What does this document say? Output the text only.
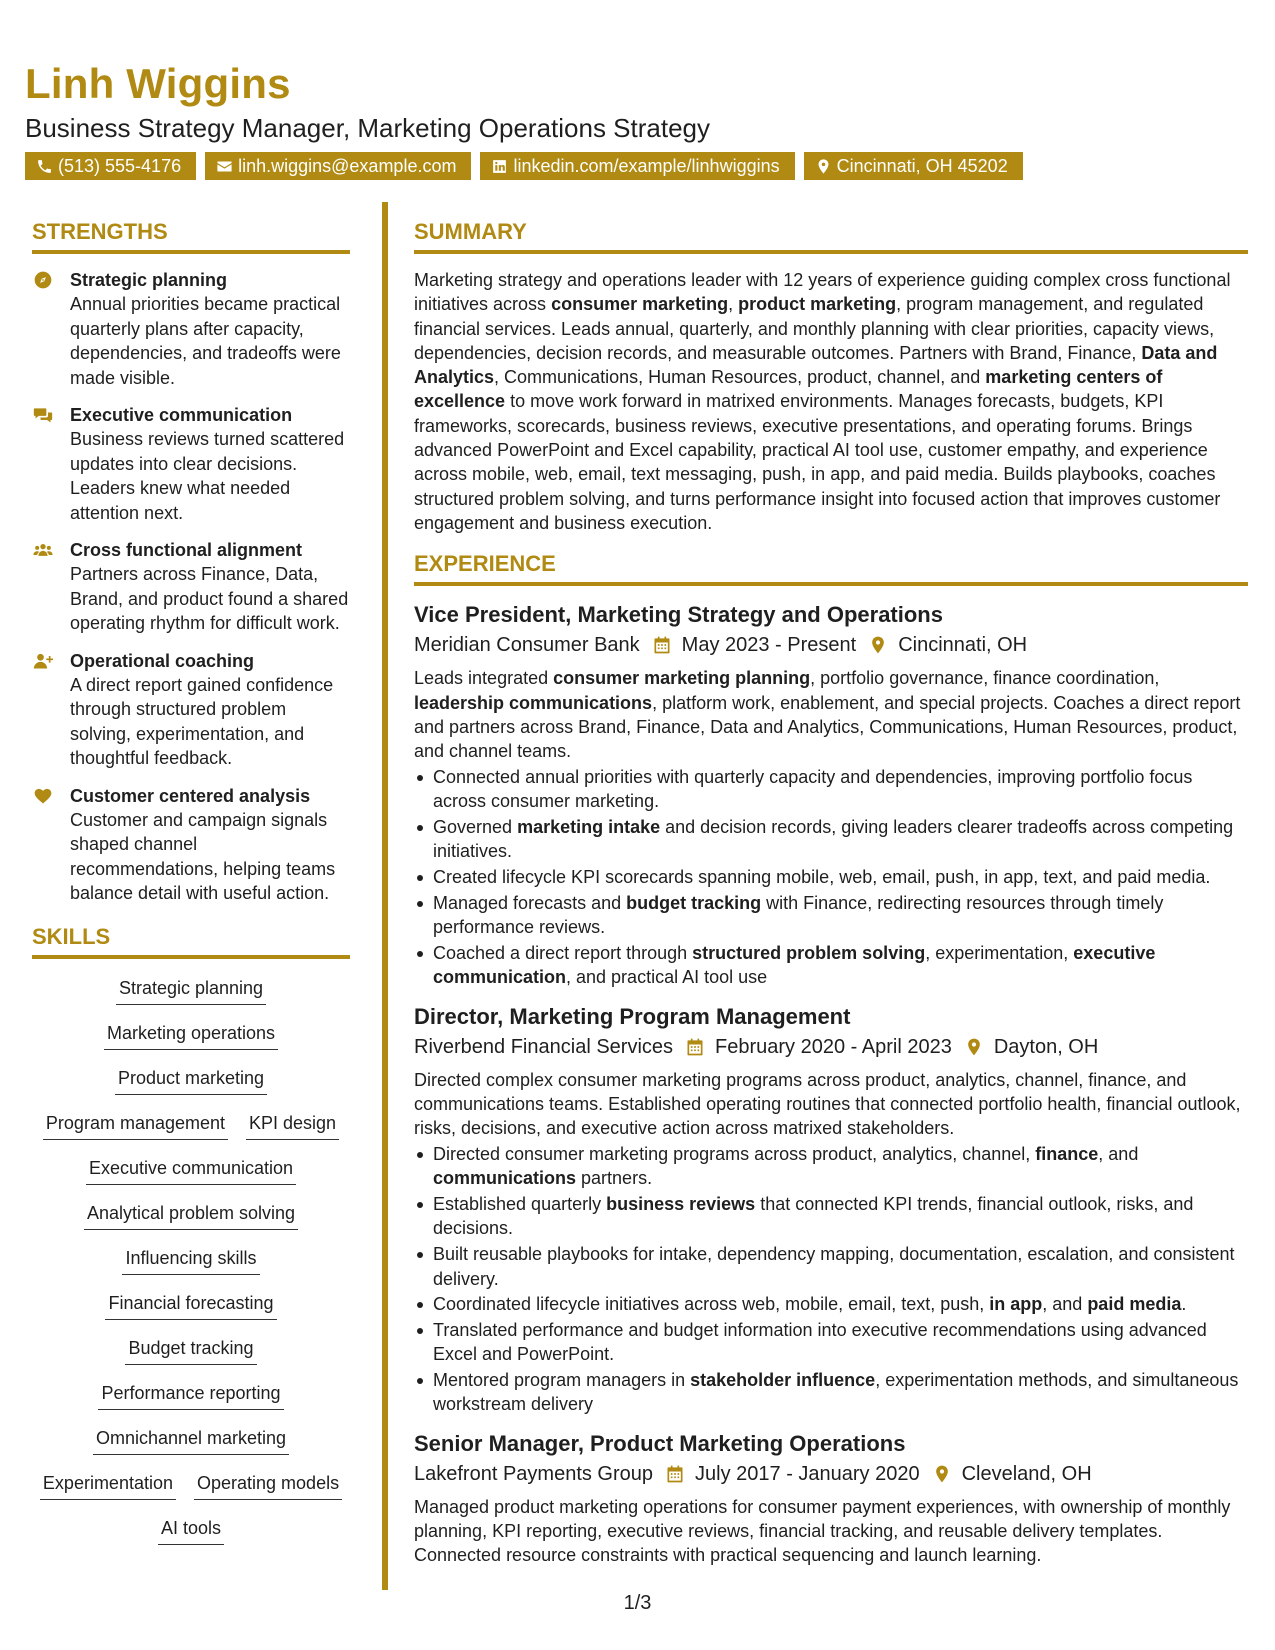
Linh Wiggins
Business Strategy Manager, Marketing Operations Strategy
(513) 555-4176	linh.wiggins@example.com	linkedin.com/example/linhwiggins	Cincinnati, OH 45202
STRENGTHS
Strategic planning
Annual priorities became practical quarterly plans after capacity, dependencies, and tradeoffs were made visible.
Executive communication
Business reviews turned scattered updates into clear decisions. Leaders knew what needed attention next.
Cross functional alignment
Partners across Finance, Data, Brand, and product found a shared operating rhythm for difficult work.
Operational coaching
A direct report gained confidence through structured problem solving, experimentation, and thoughtful feedback.
Customer centered analysis
Customer and campaign signals shaped channel recommendations, helping teams balance detail with useful action.
SKILLS
Strategic planning
Marketing operations
Product marketing
Program management KPI design
Executive communication
Analytical problem solving
Influencing skills
Financial forecasting
Budget tracking
Performance reporting
Omnichannel marketing
Experimentation Operating models
AI tools
SUMMARY

Marketing strategy and operations leader with 12 years of experience guiding complex cross functional initiatives across consumer marketing, product marketing, program management, and regulated financial services. Leads annual, quarterly, and monthly planning with clear priorities, capacity views, dependencies, decision records, and measurable outcomes. Partners with Brand, Finance, Data and Analytics, Communications, Human Resources, product, channel, and marketing centers of excellence to move work forward in matrixed environments. Manages forecasts, budgets, KPI frameworks, scorecards, business reviews, executive presentations, and operating forums. Brings advanced PowerPoint and Excel capability, practical AI tool use, customer empathy, and experience across mobile, web, email, text messaging, push, in app, and paid media. Builds playbooks, coaches structured problem solving, and turns performance insight into focused action that improves customer engagement and business execution.

EXPERIENCE
Vice President, Marketing Strategy and Operations
Meridian Consumer Bank May 2023 - Present Cincinnati, OH

Leads integrated consumer marketing planning, portfolio governance, finance coordination, leadership communications, platform work, enablement, and special projects. Coaches a direct report and partners across Brand, Finance, Data and Analytics, Communications, Human Resources, product, and channel teams.

Connected annual priorities with quarterly capacity and dependencies, improving portfolio focus across consumer marketing.
Governed marketing intake and decision records, giving leaders clearer tradeoffs across competing initiatives.
Created lifecycle KPI scorecards spanning mobile, web, email, push, in app, text, and paid media.
Managed forecasts and budget tracking with Finance, redirecting resources through timely performance reviews.
Coached a direct report through structured problem solving, experimentation, executive communication, and practical AI tool use
Director, Marketing Program Management
Riverbend Financial Services February 2020 - April 2023 Dayton, OH

Directed complex consumer marketing programs across product, analytics, channel, finance, and communications teams. Established operating routines that connected portfolio health, financial outlook, risks, decisions, and executive action across matrixed stakeholders.

Directed consumer marketing programs across product, analytics, channel, finance, and communications partners.
Established quarterly business reviews that connected KPI trends, financial outlook, risks, and decisions.
Built reusable playbooks for intake, dependency mapping, documentation, escalation, and consistent delivery.
Coordinated lifecycle initiatives across web, mobile, email, text, push, in app, and paid media.
Translated performance and budget information into executive recommendations using advanced Excel and PowerPoint.
Mentored program managers in stakeholder influence, experimentation methods, and simultaneous workstream delivery
Senior Manager, Product Marketing Operations
Lakefront Payments Group July 2017 - January 2020 Cleveland, OH

Managed product marketing operations for consumer payment experiences, with ownership of monthly planning, KPI reporting, executive reviews, financial tracking, and reusable delivery templates. Connected resource constraints with practical sequencing and launch learning.

1/3
